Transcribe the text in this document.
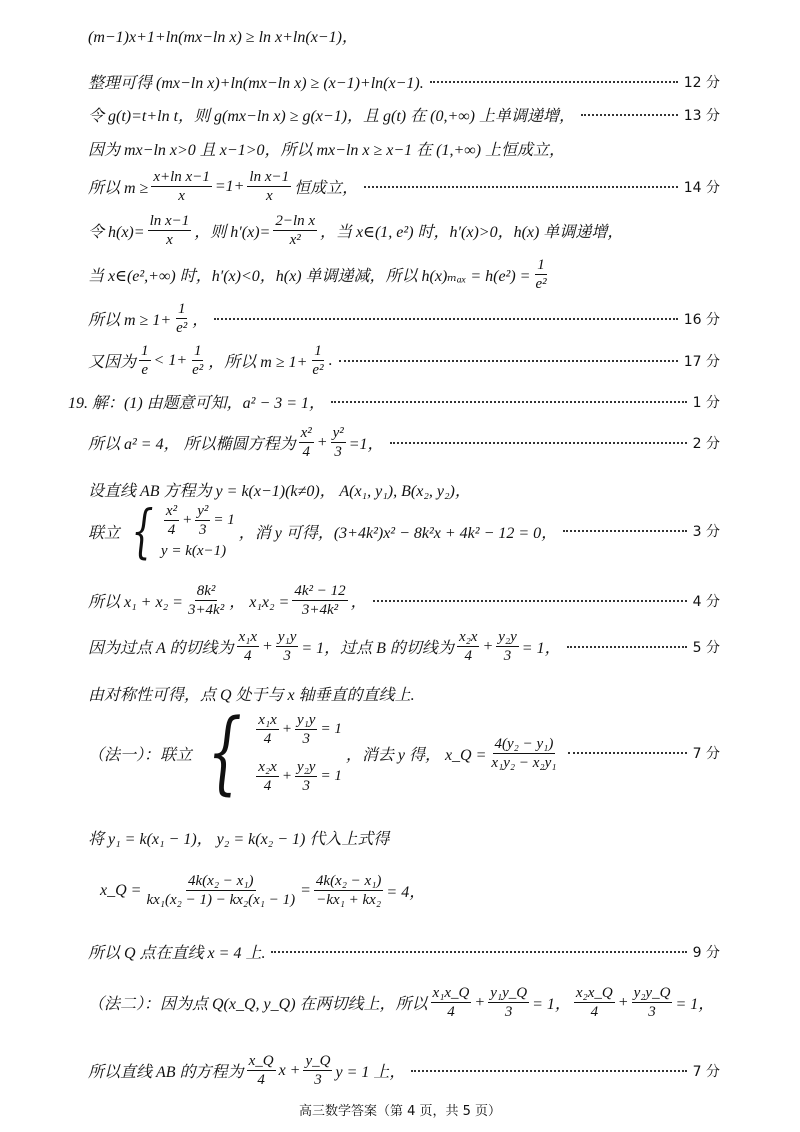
(m−1)x+1+ln(mx−ln x) ≥ ln x+ln(x−1)，
整理可得 (mx−ln x)+ln(mx−ln x) ≥ (x−1)+ln(x−1).	12 分
令 g(t)=t+ln t，则 g(mx−ln x) ≥ g(x−1)，且 g(t) 在 (0,+∞) 上单调递增，	13 分
因为 mx−ln x>0 且 x−1>0，所以 mx−ln x ≥ x−1 在 (1,+∞) 上恒成立，
所以 $m \ge \frac{\text{x+ln x−1}}{x} =1+ \frac{\text{ln x−1}}{x}$ 恒成立，	14 分
令 $h(x)= \frac{\text{ln x−1}}{x}$ ，则 $h'(x)= \frac{\text{2−ln x}}{\text{x²}}$ ，当 x∈(1, e²) 时，h′(x)>0，h(x) 单调递增，
当 x∈(e²,+∞) 时，h′(x)<0，h(x) 单调递减，所以 $h(x)_{max} = h(e^2) = \frac{1}{\text{e²}}$
所以 $m \ge 1+ \frac{1}{\text{e²}}$ ，	16 分
又因为 $\frac{1}{e} < 1+ \frac{1}{\text{e²}}$ ，所以 $m \ge 1+ \frac{1}{\text{e²}}$ .	17 分
19. 解：(1) 由题意可知，a² − 3 = 1，	1 分
所以 a² = 4， 所以椭圆方程为 $\frac{\text{x²}}{4} + \frac{\text{y²}}{3} =1$，	2 分
设直线 AB 方程为 y = k(x−1)(k≠0)， A(x₁, y₁), B(x₂, y₂)，
联立 { $\frac{\text{x²}}{4} + \frac{\text{y²}}{3} = 1$
y = k(x−1)
，消 y 可得，(3+4k²)x² − 8k²x + 4k² − 12 = 0，	3 分
所以 $x_1 + x_2 = \frac{\text{8k²}}{\text{3+4k²}}$ ， $x_1x_2 = \frac{\text{4k² − 12}}{\text{3+4k²}}$ ，	4 分
因为过点 A 的切线为 $\frac{\text{x₁x}}{4} + \frac{\text{y₁y}}{3} = 1$，过点 B 的切线为 $\frac{\text{x₂x}}{4} + \frac{\text{y₂y}}{3} = 1$，	5 分
由对称性可得，点 Q 处于与 x 轴垂直的直线上.
（法一）：联立 { $\frac{\text{x₁x}}{4} + \frac{\text{y₁y}}{3} = 1$
$\frac{\text{x₂x}}{4} + \frac{\text{y₂y}}{3} = 1$
，消去 y 得， x_Q = $\frac{\text{4(y₂ − y₁)}}{\text{x₁y₂ − x₂y₁}}$	7 分
将 y₁ = k(x₁ − 1)， y₂ = k(x₂ − 1) 代入上式得
x_Q = $\frac{\text{4k(x₂ − x₁)}}{\text{kx₁(x₂ − 1) − kx₂(x₁ − 1)}} = \frac{\text{4k(x₂ − x₁)}}{\text{−kx₁ + kx₂}} = 4$，
所以 Q 点在直线 x = 4 上.	9 分
（法二）：因为点 Q(x_Q, y_Q) 在两切线上，所以 $\frac{\text{x₁x\_Q}}{4} + \frac{\text{y₁y\_Q}}{3} = 1$， $\frac{\text{x₂x\_Q}}{4} + \frac{\text{y₂y\_Q}}{3} = 1$，
所以直线 AB 的方程为 $\frac{x\_Q}{4}$ $x + \frac{y\_Q}{3}$ y = 1 上，	7 分
高三数学答案（第 4 页，共 5 页）
